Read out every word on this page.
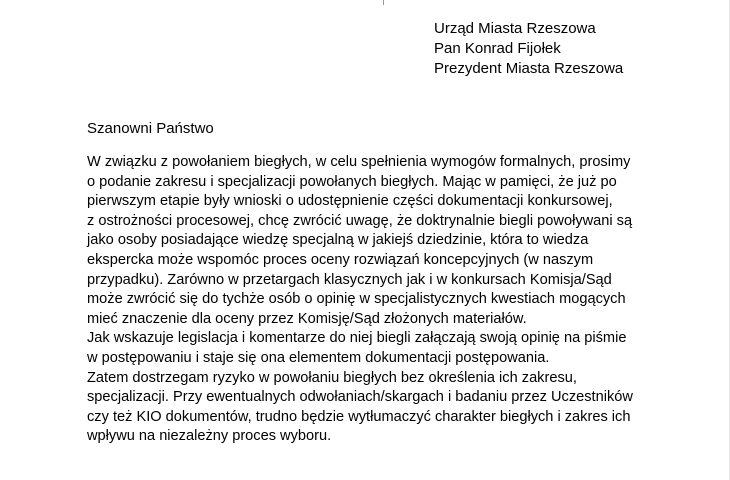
Urząd Miasta Rzeszowa
Pan Konrad Fijołek
Prezydent Miasta Rzeszowa
Szanowni Państwo
W związku z powołaniem biegłych, w celu spełnienia wymogów formalnych, prosimy
o podanie zakresu i specjalizacji powołanych biegłych. Mając w pamięci, że już po
pierwszym etapie były wnioski o udostępnienie części dokumentacji konkursowej,
z ostrożności procesowej, chcę zwrócić uwagę, że doktrynalnie biegli powoływani są
jako osoby posiadające wiedzę specjalną w jakiejś dziedzinie, która to wiedza
ekspercka może wspomóc proces oceny rozwiązań koncepcyjnych (w naszym
przypadku). Zarówno w przetargach klasycznych jak i w konkursach Komisja/Sąd
może zwrócić się do tychże osób o opinię w specjalistycznych kwestiach mogących
mieć znaczenie dla oceny przez Komisję/Sąd złożonych materiałów.
Jak wskazuje legislacja i komentarze do niej biegli załączają swoją opinię na piśmie
w postępowaniu i staje się ona elementem dokumentacji postępowania.
Zatem dostrzegam ryzyko w powołaniu biegłych bez określenia ich zakresu,
specjalizacji. Przy ewentualnych odwołaniach/skargach i badaniu przez Uczestników
czy też KIO dokumentów, trudno będzie wytłumaczyć charakter biegłych i zakres ich
wpływu na niezależny proces wyboru.
